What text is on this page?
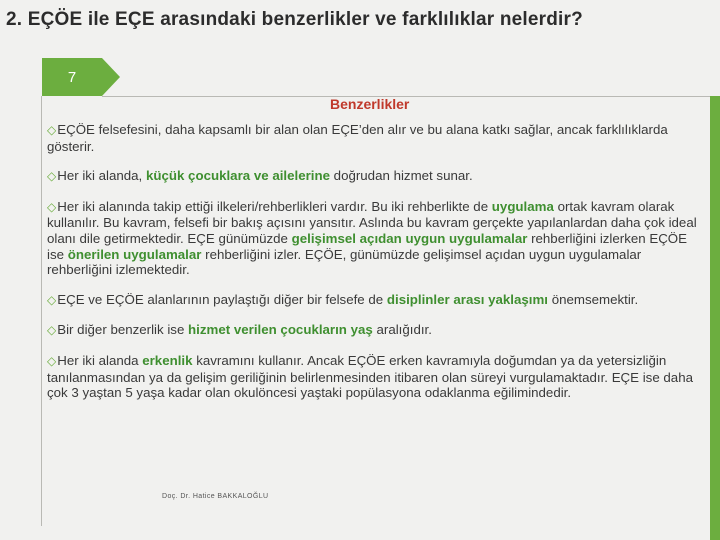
2. EÇÖE ile EÇE arasındaki benzerlikler ve farklılıklar nelerdir?
7
Benzerlikler

◇EÇÖE felsefesini, daha kapsamlı bir alan olan EÇE’den alır ve bu alana katkı sağlar, ancak farklılıklarda gösterir.

◇Her iki alanda, küçük çocuklara ve ailelerine doğrudan hizmet sunar.

◇Her iki alanında takip ettiği ilkeleri/rehberlikleri vardır. Bu iki rehberlikte de uygulama ortak kavram olarak kullanılır. Bu kavram, felsefi bir bakış açısını yansıtır. Aslında bu kavram gerçekte yapılanlardan daha çok ideal olanı dile getirmektedir. EÇE günümüzde gelişimsel açıdan uygun uygulamalar rehberliğini izlerken EÇÖE ise önerilen uygulamalar rehberliğini izler. EÇÖE, günümüzde gelişimsel açıdan uygun uygulamalar rehberliğini izlemektedir.

◇EÇE ve EÇÖE alanlarının paylaştığı diğer bir felsefe de disiplinler arası yaklaşımı önemsemektir.

◇Bir diğer benzerlik ise hizmet verilen çocukların yaş aralığıdır.

◇Her iki alanda erkenlik kavramını kullanır. Ancak EÇÖE erken kavramıyla doğumdan ya da yetersizliğin tanılanmasından ya da gelişim geriliğinin belirlenmesinden itibaren olan süreyi vurgulamaktadır. EÇE ise daha çok 3 yaştan 5 yaşa kadar olan okulöncesi yaştaki popülasyona odaklanma eğilimindedir.

Doç. Dr. Hatice BAKKALOĞLU
